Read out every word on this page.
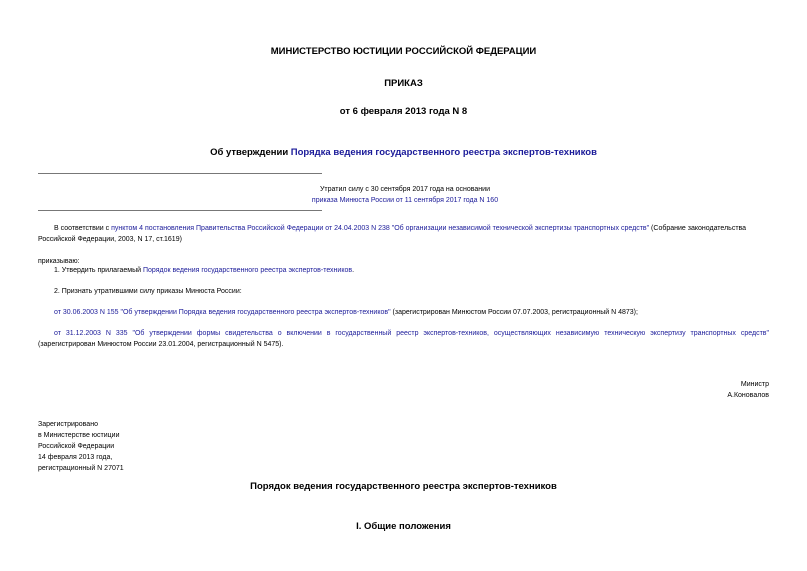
МИНИСТЕРСТВО ЮСТИЦИИ РОССИЙСКОЙ ФЕДЕРАЦИИ
ПРИКАЗ
от 6 февраля 2013 года N 8
Об утверждении Порядка ведения государственного реестра экспертов-техников
Утратил силу с 30 сентября 2017 года на основании
приказа Минюста России от 11 сентября 2017 года N 160
В соответствии с пунктом 4 постановления Правительства Российской Федерации от 24.04.2003 N 238 "Об организации независимой технической экспертизы транспортных средств" (Собрание законодательства Российской Федерации, 2003, N 17, ст.1619)
приказываю:
1. Утвердить прилагаемый Порядок ведения государственного реестра экспертов-техников.
2. Признать утратившими силу приказы Минюста России:
от 30.06.2003 N 155 "Об утверждении Порядка ведения государственного реестра экспертов-техников" (зарегистрирован Минюстом России 07.07.2003, регистрационный N 4873);
от 31.12.2003 N 335 "Об утверждении формы свидетельства о включении в государственный реестр экспертов-техников, осуществляющих независимую техническую экспертизу транспортных средств" (зарегистрирован Минюстом России 23.01.2004, регистрационный N 5475).
Министр
А.Коновалов
Зарегистрировано
в Министерстве юстиции
Российской Федерации
14 февраля 2013 года,
регистрационный N 27071
Порядок ведения государственного реестра экспертов-техников
I. Общие положения
